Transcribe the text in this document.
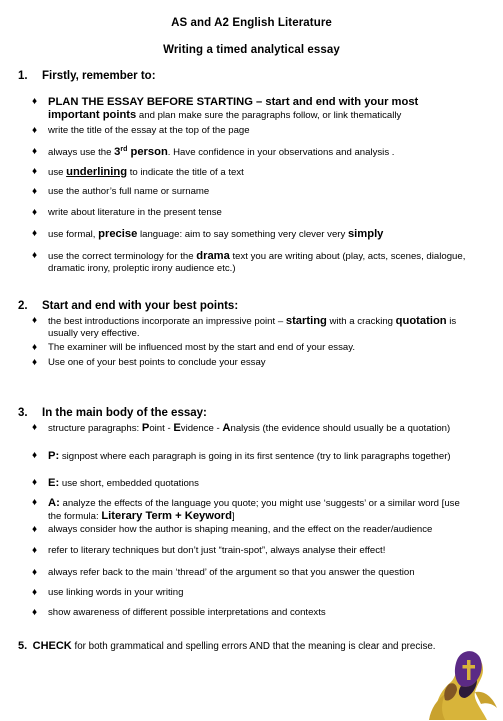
AS and A2 English Literature
Writing a timed analytical essay
1. Firstly, remember to:
♦ PLAN THE ESSAY BEFORE STARTING – start and end with your most important points and plan make sure the paragraphs follow, or link thematically
♦ write the title of the essay at the top of the page
♦ always use the 3rd person. Have confidence in your observations and analysis .
♦ use underlining to indicate the title of a text
♦ use the author’s full name or surname
♦ write about literature in the present tense
♦ use formal, precise language: aim to say something very clever very simply
♦ use the correct terminology for the drama text you are writing about (play, acts, scenes, dialogue, dramatic irony, proleptic irony audience etc.)
2. Start and end with your best points:
♦ the best introductions incorporate an impressive point – starting with a cracking quotation is usually very effective.
♦ The examiner will be influenced most by the start and end of your essay.
♦ Use one of your best points to conclude your essay
3. In the main body of the essay:
♦ structure paragraphs: Point - Evidence - Analysis (the evidence should usually be a quotation)
♦ P: signpost where each paragraph is going in its first sentence (try to link paragraphs together)
♦ E: use short, embedded quotations
♦ A: analyze the effects of the language you quote; you might use ‘suggests’ or a similar word [use the formula: Literary Term + Keyword]
♦ always consider how the author is shaping meaning, and the effect on the reader/audience
♦ refer to literary techniques but don’t just “train-spot”, always analyse their effect!
♦ always refer back to the main ‘thread’ of the argument so that you answer the question
♦ use linking words in your writing
♦ show awareness of different possible interpretations and contexts
5. CHECK for both grammatical and spelling errors AND that the meaning is clear and precise.
